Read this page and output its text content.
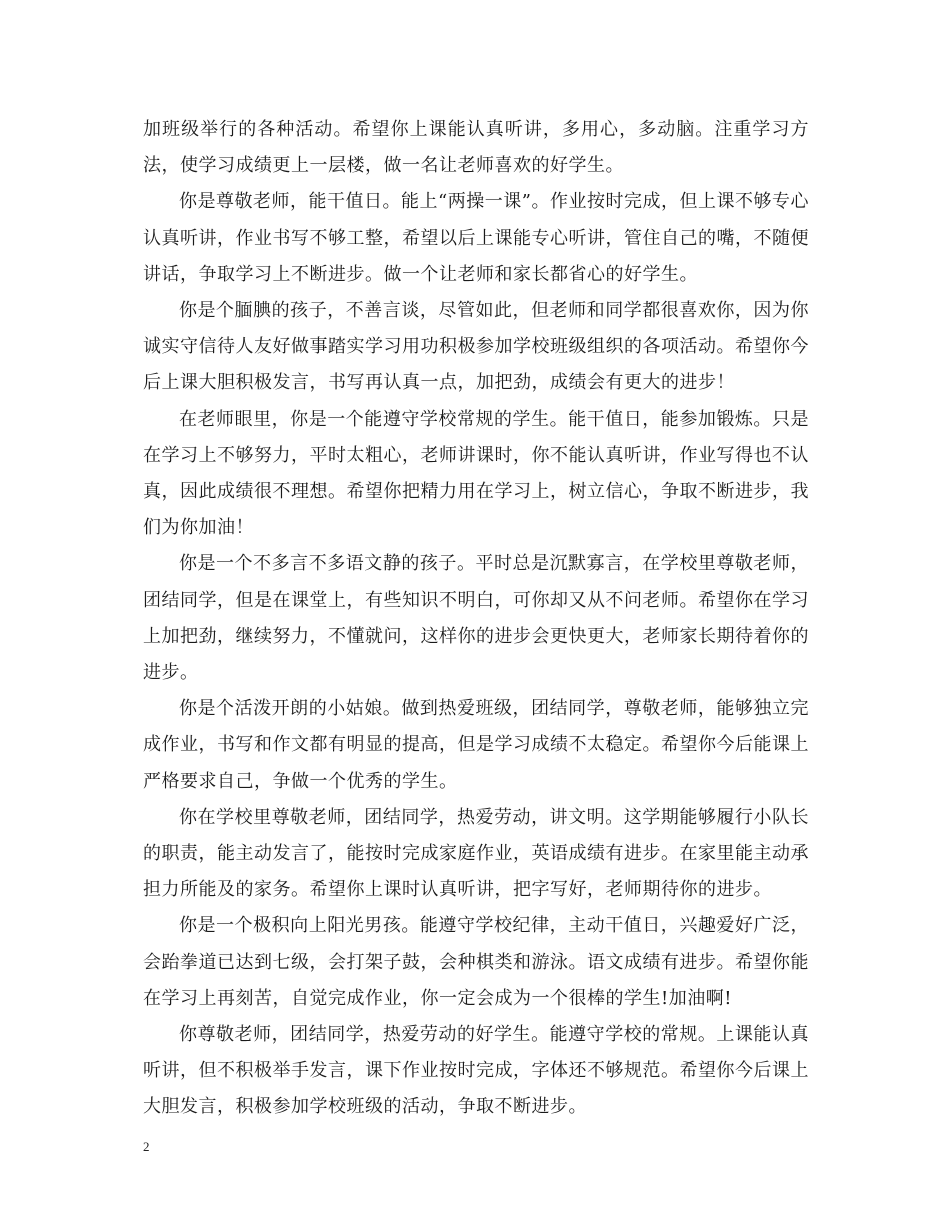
加班级举行的各种活动。希望你上课能认真听讲，多用心，多动脑。注重学习方法，使学习成绩更上一层楼，做一名让老师喜欢的好学生。

你是尊敬老师，能干值日。能上“两操一课”。作业按时完成，但上课不够专心认真听讲，作业书写不够工整，希望以后上课能专心听讲，管住自己的嘴，不随便讲话，争取学习上不断进步。做一个让老师和家长都省心的好学生。

你是个腼腆的孩子，不善言谈，尽管如此，但老师和同学都很喜欢你，因为你诚实守信待人友好做事踏实学习用功积极参加学校班级组织的各项活动。希望你今后上课大胆积极发言，书写再认真一点，加把劲，成绩会有更大的进步！

在老师眼里，你是一个能遵守学校常规的学生。能干值日，能参加锻炼。只是在学习上不够努力，平时太粗心，老师讲课时，你不能认真听讲，作业写得也不认真，因此成绩很不理想。希望你把精力用在学习上，树立信心，争取不断进步，我们为你加油！

你是一个不多言不多语文静的孩子。平时总是沉默寡言，在学校里尊敬老师，团结同学，但是在课堂上，有些知识不明白，可你却又从不问老师。希望你在学习上加把劲，继续努力，不懂就问，这样你的进步会更快更大，老师家长期待着你的进步。

你是个活泼开朗的小姑娘。做到热爱班级，团结同学，尊敬老师，能够独立完成作业，书写和作文都有明显的提高，但是学习成绩不太稳定。希望你今后能课上严格要求自己，争做一个优秀的学生。

你在学校里尊敬老师，团结同学，热爱劳动，讲文明。这学期能够履行小队长的职责，能主动发言了，能按时完成家庭作业，英语成绩有进步。在家里能主动承担力所能及的家务。希望你上课时认真听讲，把字写好，老师期待你的进步。

你是一个极积向上阳光男孩。能遵守学校纪律，主动干值日，兴趣爱好广泛，会跆拳道已达到七级，会打架子鼓，会种棋类和游泳。语文成绩有进步。希望你能在学习上再刻苦，自觉完成作业，你一定会成为一个很棒的学生!加油啊!

你尊敬老师，团结同学，热爱劳动的好学生。能遵守学校的常规。上课能认真听讲，但不积极举手发言，课下作业按时完成，字体还不够规范。希望你今后课上大胆发言，积极参加学校班级的活动，争取不断进步。

2
